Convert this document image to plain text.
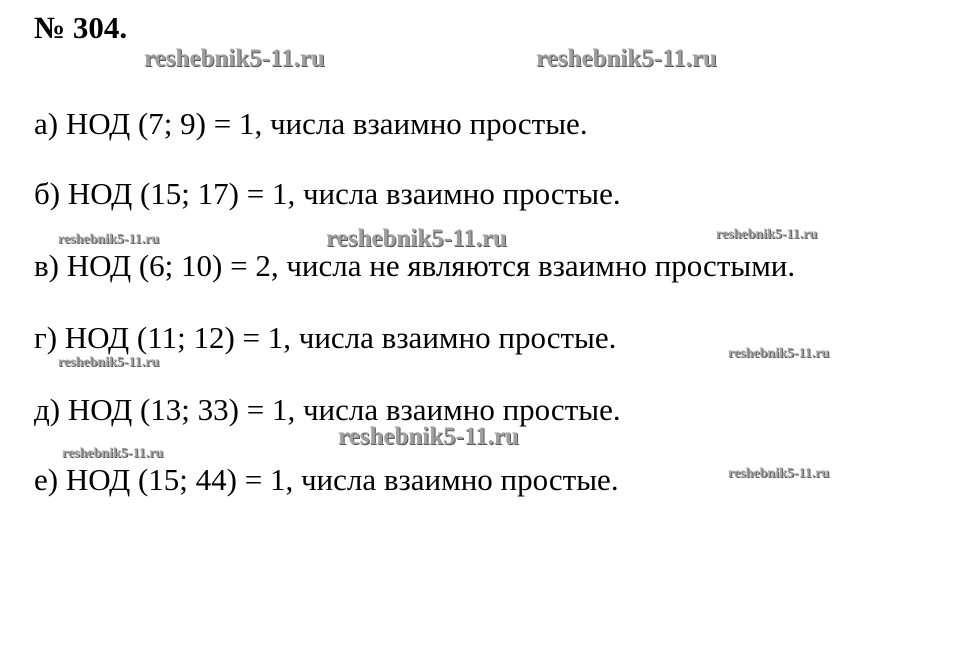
№ 304.
reshebnik5-11.ru	reshebnik5-11.ru
а) НОД (7; 9) = 1, числа взаимно простые.
б) НОД (15; 17) = 1, числа взаимно простые.
reshebnik5-11.ru	reshebnik5-11.ru	reshebnik5-11.ru
в) НОД (6; 10) = 2, числа не являются взаимно простыми.
г) НОД (11; 12) = 1, числа взаимно простые.
reshebnik5-11.ru
reshebnik5-11.ru
д) НОД (13; 33) = 1, числа взаимно простые.
reshebnik5-11.ru
reshebnik5-11.ru
reshebnik5-11.ru
е) НОД (15; 44) = 1, числа взаимно простые.
